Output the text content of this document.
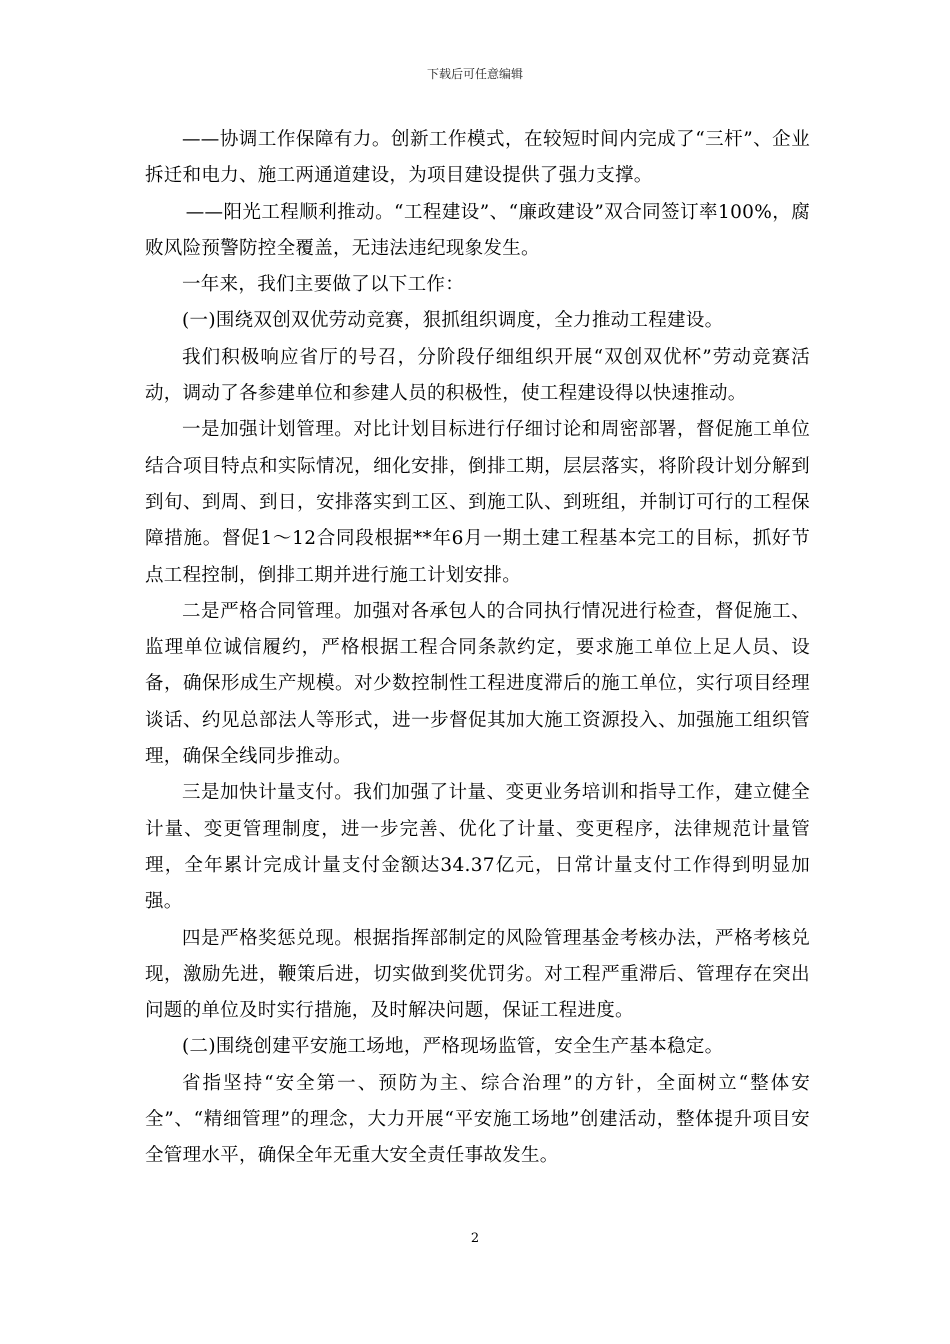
下载后可任意编辑

——协调工作保障有力。创新工作模式，在较短时间内完成了“三杆”、企业拆迁和电力、施工两通道建设，为项目建设提供了强力支撑。

——阳光工程顺利推动。“工程建设”、“廉政建设”双合同签订率100%，腐败风险预警防控全覆盖，无违法违纪现象发生。

一年来，我们主要做了以下工作：

(一)围绕双创双优劳动竞赛，狠抓组织调度，全力推动工程建设。

我们积极响应省厅的号召，分阶段仔细组织开展“双创双优杯”劳动竞赛活动，调动了各参建单位和参建人员的积极性，使工程建设得以快速推动。

一是加强计划管理。对比计划目标进行仔细讨论和周密部署，督促施工单位结合项目特点和实际情况，细化安排，倒排工期，层层落实，将阶段计划分解到到旬、到周、到日，安排落实到工区、到施工队、到班组，并制订可行的工程保障措施。督促1～12合同段根据**年6月一期土建工程基本完工的目标，抓好节点工程控制，倒排工期并进行施工计划安排。

二是严格合同管理。加强对各承包人的合同执行情况进行检查，督促施工、监理单位诚信履约，严格根据工程合同条款约定，要求施工单位上足人员、设备，确保形成生产规模。对少数控制性工程进度滞后的施工单位，实行项目经理谈话、约见总部法人等形式，进一步督促其加大施工资源投入、加强施工组织管理，确保全线同步推动。

三是加快计量支付。我们加强了计量、变更业务培训和指导工作，建立健全计量、变更管理制度，进一步完善、优化了计量、变更程序，法律规范计量管理，全年累计完成计量支付金额达34.37亿元，日常计量支付工作得到明显加强。

四是严格奖惩兑现。根据指挥部制定的风险管理基金考核办法，严格考核兑现，激励先进，鞭策后进，切实做到奖优罚劣。对工程严重滞后、管理存在突出问题的单位及时实行措施，及时解决问题，保证工程进度。

(二)围绕创建平安施工场地，严格现场监管，安全生产基本稳定。

省指坚持“安全第一、预防为主、综合治理”的方针，全面树立“整体安全”、“精细管理”的理念，大力开展“平安施工场地”创建活动，整体提升项目安全管理水平，确保全年无重大安全责任事故发生。

2
